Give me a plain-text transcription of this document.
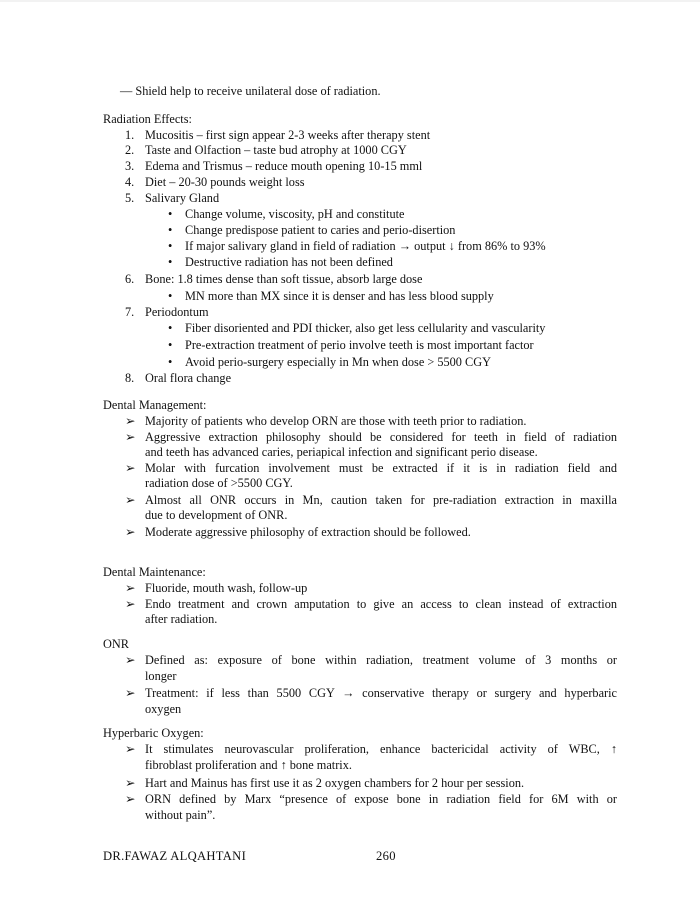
— Shield help to receive unilateral dose of radiation.
Radiation Effects:
1. Mucositis – first sign appear 2-3 weeks after therapy stent
2. Taste and Olfaction – taste bud atrophy at 1000 CGY
3. Edema and Trismus – reduce mouth opening 10-15 mml
4. Diet – 20-30 pounds weight loss
5. Salivary Gland
• Change volume, viscosity, pH and constitute
• Change predispose patient to caries and perio-disertion
• If major salivary gland in field of radiation → output ↓ from 86% to 93%
• Destructive radiation has not been defined
6. Bone: 1.8 times dense than soft tissue, absorb large dose
• MN more than MX since it is denser and has less blood supply
7. Periodontum
• Fiber disoriented and PDI thicker, also get less cellularity and vascularity
• Pre-extraction treatment of perio involve teeth is most important factor
• Avoid perio-surgery especially in Mn when dose > 5500 CGY
8. Oral flora change
Dental Management:
➢ Majority of patients who develop ORN are those with teeth prior to radiation.
➢ Aggressive extraction philosophy should be considered for teeth in field of radiation
and teeth has advanced caries, periapical infection and significant perio disease.
➢ Molar with furcation involvement must be extracted if it is in radiation field and
radiation dose of >5500 CGY.
➢ Almost all ONR occurs in Mn, caution taken for pre-radiation extraction in maxilla
due to development of ONR.
➢ Moderate aggressive philosophy of extraction should be followed.
Dental Maintenance:
➢ Fluoride, mouth wash, follow-up
➢ Endo treatment and crown amputation to give an access to clean instead of extraction
after radiation.
ONR
➢ Defined as: exposure of bone within radiation, treatment volume of 3 months or
longer
➢ Treatment: if less than 5500 CGY → conservative therapy or surgery and hyperbaric
oxygen
Hyperbaric Oxygen:
➢ It stimulates neurovascular proliferation, enhance bactericidal activity of WBC, ↑
fibroblast proliferation and ↑ bone matrix.
➢ Hart and Mainus has first use it as 2 oxygen chambers for 2 hour per session.
➢ ORN defined by Marx “presence of expose bone in radiation field for 6M with or
without pain”.
DR.FAWAZ ALQAHTANI	260
